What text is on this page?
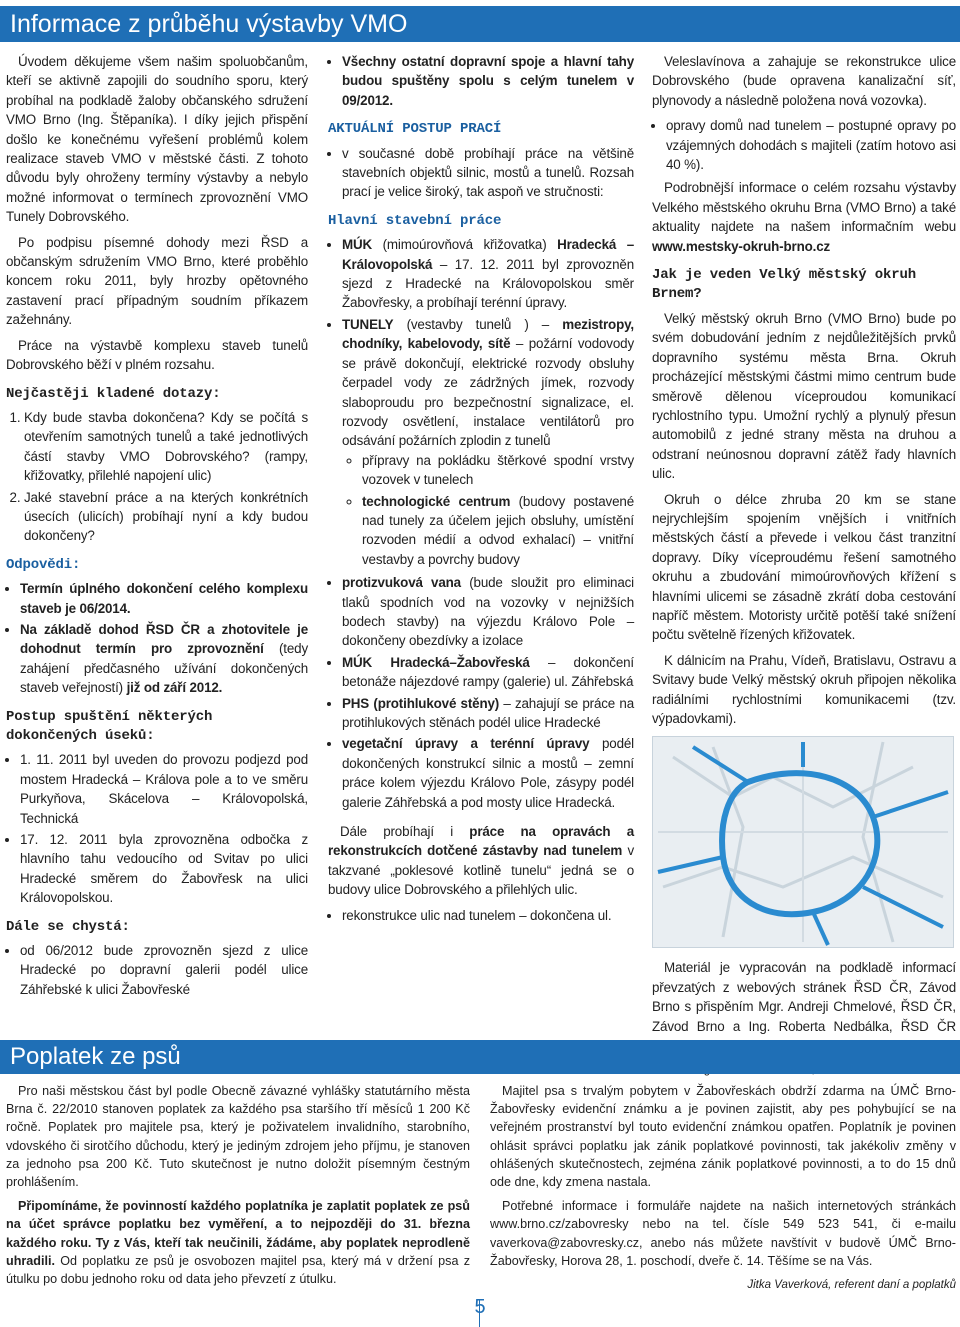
Informace z průběhu výstavby VMO

Úvodem děkujeme všem našim spoluobčanům, kteří se aktivně zapojili do soudního sporu, který probíhal na podkladě žaloby občanského sdružení VMO Brno (Ing. Štěpaníka). I díky jejich přispění došlo ke konečnému vyřešení problémů kolem realizace staveb VMO v městské části. Z tohoto důvodu byly ohroženy termíny výstavby a nebylo možné informovat o termínech zprovoznění VMO Tunely Dobrovského.

Po podpisu písemné dohody mezi ŘSD a občanským sdružením VMO Brno, které proběhlo koncem roku 2011, byly hrozby opětovného zastavení prací případným soudním příkazem zažehnány.

Práce na výstavbě komplexu staveb tunelů Dobrovského běží v plném rozsahu.

Nejčastěji kladené dotazy:
1. Kdy bude stavba dokončena? Kdy se počítá s otevřením samotných tunelů a také jednotlivých částí stavby VMO Dobrovského? (rampy, křižovatky, přilehlé napojení ulic)
2. Jaké stavební práce a na kterých konkrétních úsecích (ulicích) probíhají nyní a kdy budou dokončeny?
Odpovědi:
• Termín úplného dokončení celého komplexu staveb je 06/2014.
• Na základě dohod ŘSD ČR a zhotovitele je dohodnut termín pro zprovoznění (tedy zahájení předčasného užívání dokončených staveb veřejností) již od září 2012.
Postup spuštění některých dokončených úseků:
• 1. 11. 2011 byl uveden do provozu podjezd pod mostem Hradecká – Králova pole a to ve směru Purkyňova, Skácelova – Královopolská, Technická
• 17. 12. 2011 byla zprovozněna odbočka z hlavního tahu vedoucího od Svitav po ulici Hradecké směrem do Žabovřesk na ulici Královopolskou.
Dále se chystá:
• od 06/2012 bude zprovozněn sjezd z ulice Hradecké po dopravní galerii podél ulice Záhřebské k ulici Žabovřeské
• Všechny ostatní dopravní spoje a hlavní tahy budou spuštěny spolu s celým tunelem v 09/2012.
AKTUÁLNÍ POSTUP PRACÍ
• v současné době probíhají práce na většině stavebních objektů silnic, mostů a tunelů. Rozsah prací je velice široký, tak aspoň ve stručnosti:
Hlavní stavební práce
• MÚK (mimoúrovňová křižovatka) Hradecká – Královopolská – 17. 12. 2011 byl zprovozněn sjezd z Hradecké na Královopolskou směr Žabovřesky, a probíhají terénní úpravy.
• TUNELY (vestavby tunelů ) – mezistropy, chodníky, kabelovody, sítě – požární vodovody se právě dokončují, elektrické rozvody obsluhy čerpadel vody ze zádržných jímek, rozvody slaboproudu pro bezpečnostní signalizace, el. rozvody osvětlení, instalace ventilátorů pro odsávání požárních zplodin z tunelů
◦ přípravy na pokládku štěrkové spodní vrstvy vozovek v tunelech
◦ technologické centrum (budovy postavené nad tunely za účelem jejich obsluhy, umístění rozvoden médií a odvod exhalací) – vnitřní vestavby a povrchy budovy
• protizvuková vana (bude sloužit pro eliminaci tlaků spodních vod na vozovky v nejnižších bodech stavby) na výjezdu Královo Pole – dokončeny obezdívky a izolace
• MÚK Hradecká–Žabovřeská – dokončení betonáže nájezdové rampy (galerie) ul. Záhřebská
• PHS (protihlukové stěny) – zahajují se práce na protihlukových stěnách podél ulice Hradecké
• vegetační úpravy a terénní úpravy podél dokončených konstrukcí silnic a mostů – zemní práce kolem výjezdu Královo Pole, zásypy podél galerie Záhřebská a pod mosty ulice Hradecká.

Dále probíhají i práce na opravách a rekonstrukcích dotčené zástavby nad tunelem v takzvané „poklesové kotlině tunelu“ jedná se o budovy ulice Dobrovského a přilehlých ulic.

• rekonstrukce ulic nad tunelem – dokončena ul.

Veleslavínova a zahajuje se rekonstrukce ulice Dobrovského (bude opravena kanalizační síť, plynovody a následně položena nová vozovka).

• opravy domů nad tunelem – postupné opravy po vzájemných dohodách s majiteli (zatím hotovo asi 40 %).

Podrobnější informace o celém rozsahu výstavby Velkého městského okruhu Brna (VMO Brno) a také aktuality najdete na našem informačním webu www.mestsky-okruh-brno.cz

Jak je veden Velký městský okruh Brnem?

Velký městský okruh Brno (VMO Brno) bude po svém dobudování jedním z nejdůležitějších prvků dopravního systému města Brna. Okruh procházející městskými částmi mimo centrum bude směrově dělenou víceproudou komunikací rychlostního typu. Umožní rychlý a plynulý přesun automobilů z jedné strany města na druhou a odstraní neúnosnou dopravní zátěž řady hlavních ulic.

Okruh o délce zhruba 20 km se stane nejrychlejším spojením vnějších i vnitřních městských částí a převede i velkou část tranzitní dopravy. Díky víceproudému řešení samotného okruhu a zbudování mimoúrovňových křížení s hlavními ulicemi se zásadně zkrátí doba cestování napříč městem. Motoristy určitě potěší také snížení počtu světelně řízených křižovatek.

K dálnicím na Prahu, Vídeň, Bratislavu, Ostravu a Svitavy bude Velký městský okruh připojen několika radiálními rychlostními komunikacemi (tzv. výpadovkami).

Materiál je vypracován na podkladě informací převzatých z webových stránek ŘSD ČR, Závod Brno s přispěním Mgr. Andreji Chmelové, ŘSD ČR, Závod Brno a Ing. Roberta Nedbálka, ŘSD ČR

Poplatek ze psů

Pro naši městskou část byl podle Obecně závazné vyhlášky statutárního města Brna č. 22/2010 stanoven poplatek za každého psa staršího tří měsíců 1 200 Kč ročně. Poplatek pro majitele psa, který je poživatelem invalidního, starobního, vdovského či sirotčího důchodu, který je jediným zdrojem jeho příjmu, je stanoven za jednoho psa 200 Kč. Tuto skutečnost je nutno doložit písemným čestným prohlášením.

Připomínáme, že povinností každého poplatníka je zaplatit poplatek ze psů na účet správce poplatku bez vyměření, a to nejpozději do 31. března každého roku. Ty z Vás, kteří tak neučinili, žádáme, aby poplatek neprodleně uhradili. Od poplatku ze psů je osvobozen majitel psa, který má v držení psa z útulku po dobu jednoho roku od data jeho převzetí z útulku.

Majitel psa s trvalým pobytem v Žabovřeskách obdrží zdarma na ÚMČ Brno-Žabovřesky evidenční známku a je povinen zajistit, aby pes pohybující se na veřejném prostranství byl touto evidenční známkou opatřen. Poplatník je povinen ohlásit správci poplatku jak zánik poplatkové povinnosti, tak jakékoliv změny v ohlášených skutečnostech, zejména zánik poplatkové povinnosti, a to do 15 dnů ode dne, kdy zmena nastala.

Potřebné informace i formuláře najdete na našich internetových stránkách www.brno.cz/zabovresky nebo na tel. čísle 549 523 541, či e-mailu vaverkova@zabovresky.cz, anebo nás můžete navštívit v budově ÚMČ Brno-Žabovřesky, Horova 28, 1. poschodí, dveře č. 14. Těšíme se na Vás.

Jitka Vaverková, referent daní a poplatků
5
